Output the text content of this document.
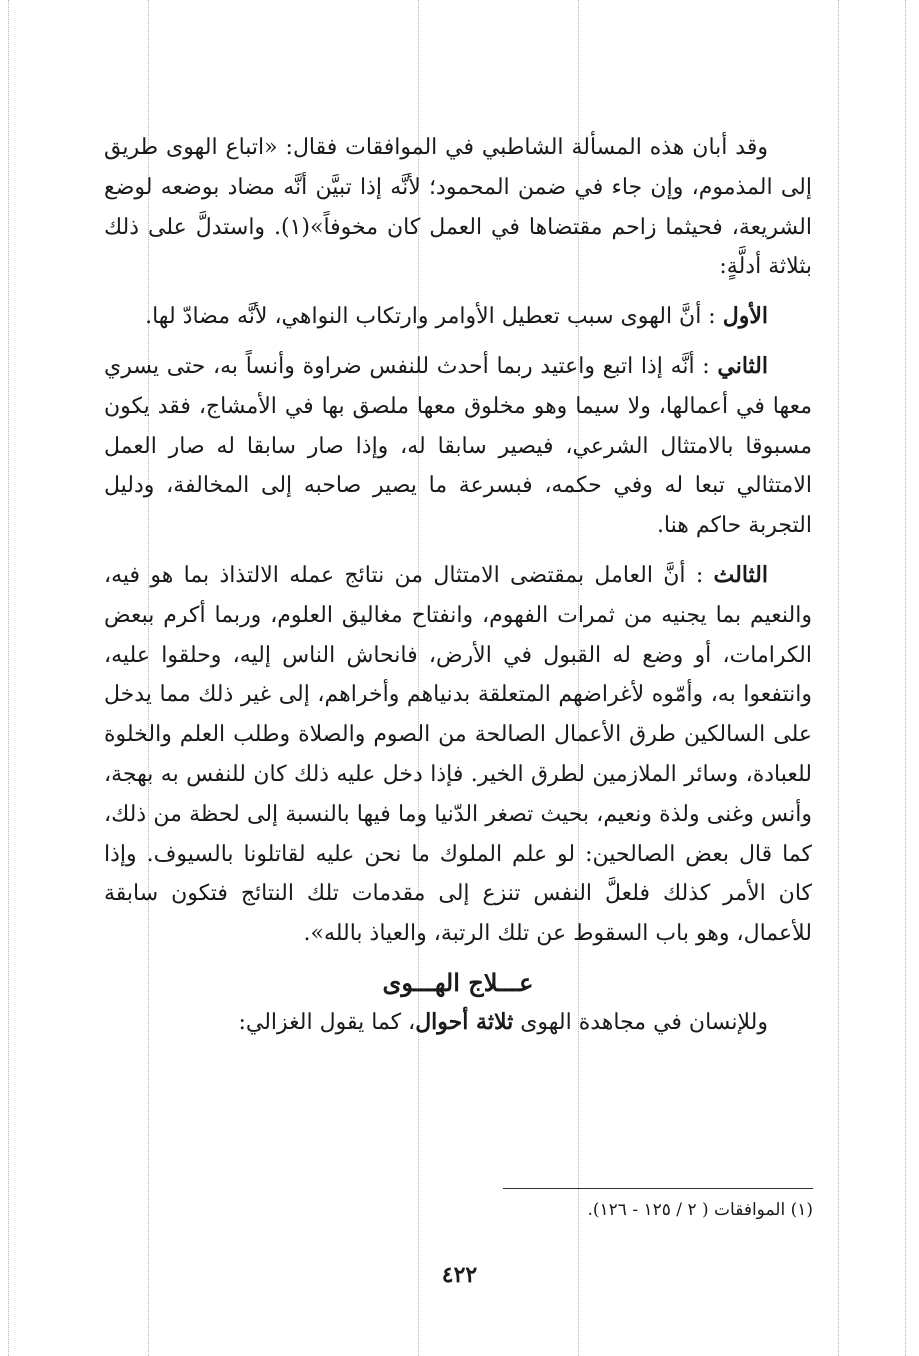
وقد أبان هذه المسألة الشاطبي في الموافقات فقال: «اتباع الهوى طريق إلى المذموم، وإن جاء في ضمن المحمود؛ لأنَّه إذا تبيَّن أنَّه مضاد بوضعه لوضع الشريعة، فحيثما زاحم مقتضاها في العمل كان مخوفاً»(١). واستدلَّ على ذلك بثلاثة أدلَّةٍ:

الأول : أنَّ الهوى سبب تعطيل الأوامر وارتكاب النواهي، لأنَّه مضادّ لها.

الثاني : أنَّه إذا اتبع واعتيد ربما أحدث للنفس ضراوة وأنساً به، حتى يسري معها في أعمالها، ولا سيما وهو مخلوق معها ملصق بها في الأمشاج، فقد يكون مسبوقا بالامتثال الشرعي، فيصير سابقا له، وإذا صار سابقا له صار العمل الامتثالي تبعا له وفي حكمه، فبسرعة ما يصير صاحبه إلى المخالفة، ودليل التجربة حاكم هنا.

الثالث : أنَّ العامل بمقتضى الامتثال من نتائج عمله الالتذاذ بما هو فيه، والنعيم بما يجنيه من ثمرات الفهوم، وانفتاح مغاليق العلوم، وربما أكرم ببعض الكرامات، أو وضع له القبول في الأرض، فانحاش الناس إليه، وحلقوا عليه، وانتفعوا به، وأمّوه لأغراضهم المتعلقة بدنياهم وأخراهم، إلى غير ذلك مما يدخل على السالكين طرق الأعمال الصالحة من الصوم والصلاة وطلب العلم والخلوة للعبادة، وسائر الملازمين لطرق الخير. فإذا دخل عليه ذلك كان للنفس به بهجة، وأنس وغنى ولذة ونعيم، بحيث تصغر الدّنيا وما فيها بالنسبة إلى لحظة من ذلك، كما قال بعض الصالحين: لو علم الملوك ما نحن عليه لقاتلونا بالسيوف. وإذا كان الأمر كذلك فلعلَّ النفس تنزع إلى مقدمات تلك النتائج فتكون سابقة للأعمال، وهو باب السقوط عن تلك الرتبة، والعياذ بالله».

عـــلاج الهـــوى

وللإنسان في مجاهدة الهوى ثلاثة أحوال، كما يقول الغزالي:

(١) الموافقات ( ٢ / ١٢٥ - ١٢٦).
٤٢٢
